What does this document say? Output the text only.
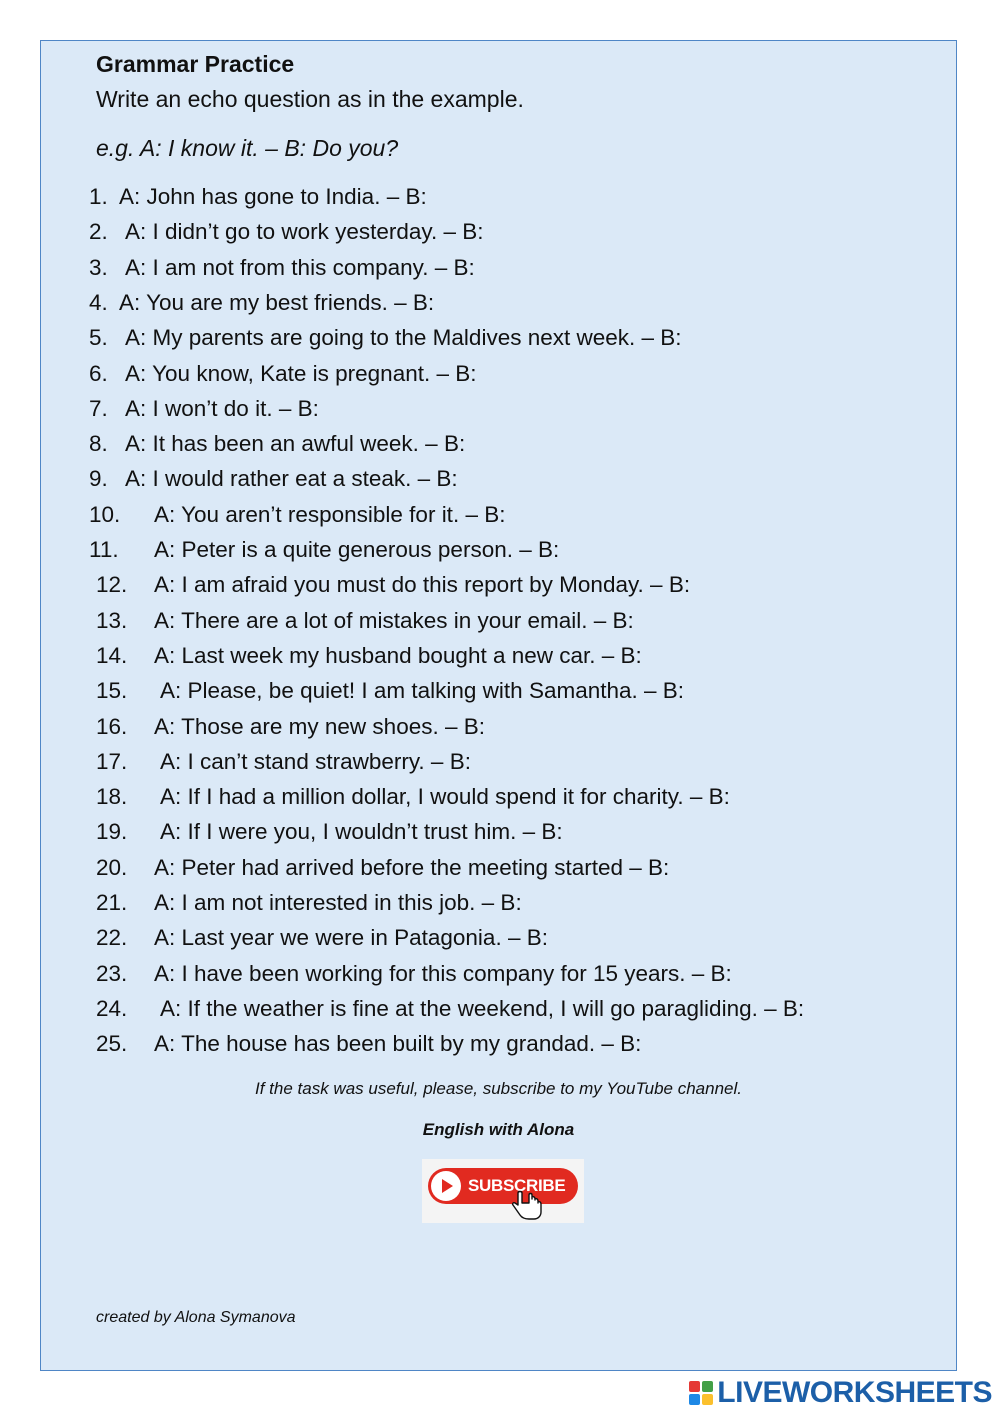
Grammar Practice
Write an echo question as in the example.
e.g. A: I know it. – B: Do you?
1. A: John has gone to India. – B:
2. A: I didn’t go to work yesterday. – B:
3. A: I am not from this company. – B:
4. A: You are my best friends. – B:
5. A: My parents are going to the Maldives next week. – B:
6. A: You know, Kate is pregnant. – B:
7. A: I won’t do it. – B:
8. A: It has been an awful week. – B:
9. A: I would rather eat a steak. – B:
10. A: You aren’t responsible for it. – B:
11. A: Peter is a quite generous person. – B:
12. A: I am afraid you must do this report by Monday. – B:
13. A: There are a lot of mistakes in your email. – B:
14. A: Last week my husband bought a new car. – B:
15. A: Please, be quiet! I am talking with Samantha. – B:
16. A: Those are my new shoes. – B:
17. A: I can’t stand strawberry. – B:
18. A: If I had a million dollar, I would spend it for charity. – B:
19. A: If I were you, I wouldn’t trust him. – B:
20. A: Peter had arrived before the meeting started – B:
21. A: I am not interested in this job. – B:
22. A: Last year we were in Patagonia. – B:
23. A: I have been working for this company for 15 years. – B:
24. A: If the weather is fine at the weekend, I will go paragliding. – B:
25. A: The house has been built by my grandad. – B:
If the task was useful, please, subscribe to my YouTube channel.
English with Alona
SUBSCRIBE
created by Alona Symanova
LIVEWORKSHEETS
